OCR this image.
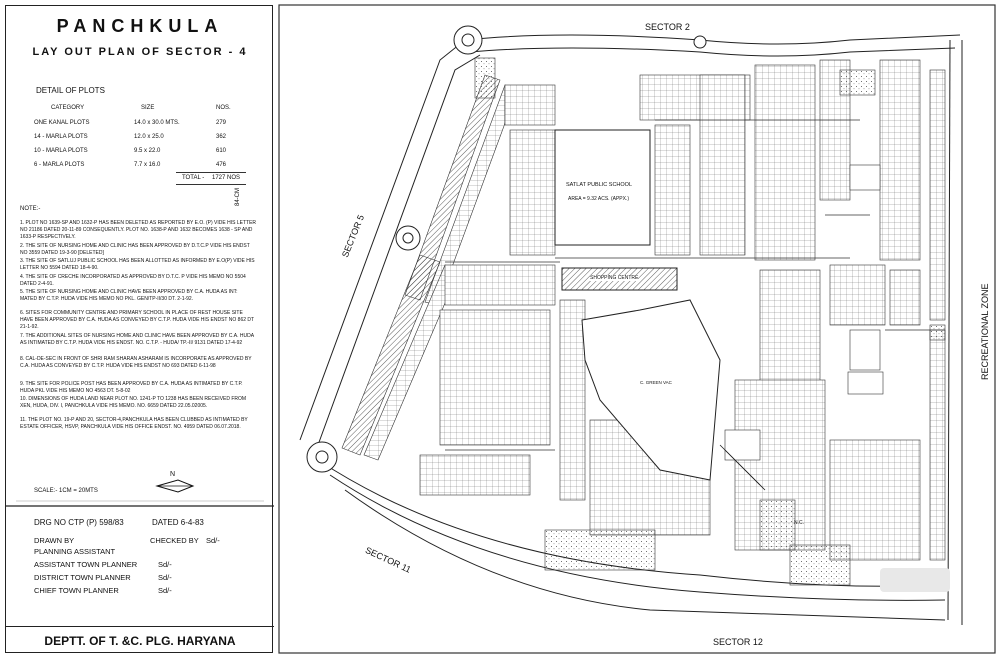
PANCHKULA
LAY OUT PLAN OF SECTOR - 4
DETAIL OF PLOTS
CATEGORY	SIZE	NOS.
ONE KANAL PLOTS	14.0 x 30.0 MTS.	279
14 - MARLA PLOTS	12.0 x 25.0	362
10 - MARLA PLOTS	9.5 x 22.0	610
6 - MARLA PLOTS	7.7 x 16.0	476
TOTAL - 1727 NOS
84-CM
NOTE:-
1. PLOT NO 1639-SP AND 1632-P HAS BEEN DELETED AS REPORTED BY E.O. (P) VIDE HIS LETTER NO 21186 DATED 20-11-89 CONSEQUENTLY. PLOT NO. 1638-P AND 1632 BECOMES 1638 - SP AND 1633-P RESPECTIVELY.
2. THE SITE OF NURSING HOME AND CLINIC HAS BEEN APPROVED BY D.T.C.P VIDE HIS ENDST NO 3559 DATED 19-3-90 [DELETED]
3. THE SITE OF SATLUJ PUBLIC SCHOOL HAS BEEN ALLOTTED AS INFORMED BY E.O(P) VIDE HIS LETTER NO 5594 DATED 18-4-90.
4. THE SITE OF CRECHE INCORPORATED AS APPROVED BY D.T.C. P VIDE HIS MEMO NO 5504 DATED 2-4-91.
5. THE SITE OF NURSING HOME AND CLINIC HAVE BEEN APPROVED BY C.A. HUDA AS INT: MATED BY C.T.P. HUDA VIDE HIS MEMO NO PKL. GEN/TP-II/30 DT. 2-1-92.
6. SITES FOR COMMUNITY CENTRE AND PRIMARY SCHOOL IN PLACE OF REST HOUSE SITE HAVE BEEN APPROVED BY C.A. HUDA AS CONVEYED BY C.T.P. HUDA VIDE HIS ENDST NO 862 DT 21-1-92.
7. THE ADDITIONAL SITES OF NURSING HOME AND CLINIC HAVE BEEN APPROVED BY C.A. HUDA AS INTIMATED BY C.T.P. HUDA VIDE HIS ENDST. NO. C.T.P. - HUDA/ TP.-II/ 9131 DATED 17-4-92
8. CAL-DE-SEC IN FRONT OF SHRI RAM SHARAN ASHARAM IS INCORPORATE AS APPROVED BY C.A. HUDA AS CONVEYED BY C.T.P. HUDA VIDE HIS ENDST NO 693 DATED 6-11-98
9. THE SITE FOR POLICE POST HAS BEEN APPROVED BY C.A. HUDA AS INTIMATED BY C.T.P. HUDA PKL VIDE HIS MEMO NO 4563 DT. 5-8-02
10. DIMENSIONS OF HUDA LAND NEAR PLOT NO. 1241-P TO 1238 HAS BEEN RECEIVED FROM XEN, HUDA, DIV. I, PANCHKULA VIDE HIS MEMO. NO. 6659 DATED 22.05.02005.
11. THE PLOT NO. 19-P AND 20, SECTOR-4,PANCHKULA HAS BEEN CLUBBED AS INTIMATED BY ESTATE OFFICER, HSVP, PANCHKULA VIDE HIS OFFICE ENDST. NO. 4959 DATED 06.07.2018.
N
SCALE:- 1CM = 20MTS
DRG NO CTP (P) 598/83	DATED 6-4-83
DRAWN BY	CHECKED BY Sd/-
PLANNING ASSISTANT
ASSISTANT TOWN PLANNER	Sd/-
DISTRICT TOWN PLANNER	Sd/-
CHIEF TOWN PLANNER	Sd/-
DEPTT. OF T. &C. PLG. HARYANA
SECTOR 2
SECTOR 5
SECTOR 11
SECTOR 12
RECREATIONAL ZONE
SATLAT PUBLIC SCHOOL
AREA = 9.32 ACS. (APPX.)
SHOPPING CENTRE
C. GREEN VAC
N.C.
